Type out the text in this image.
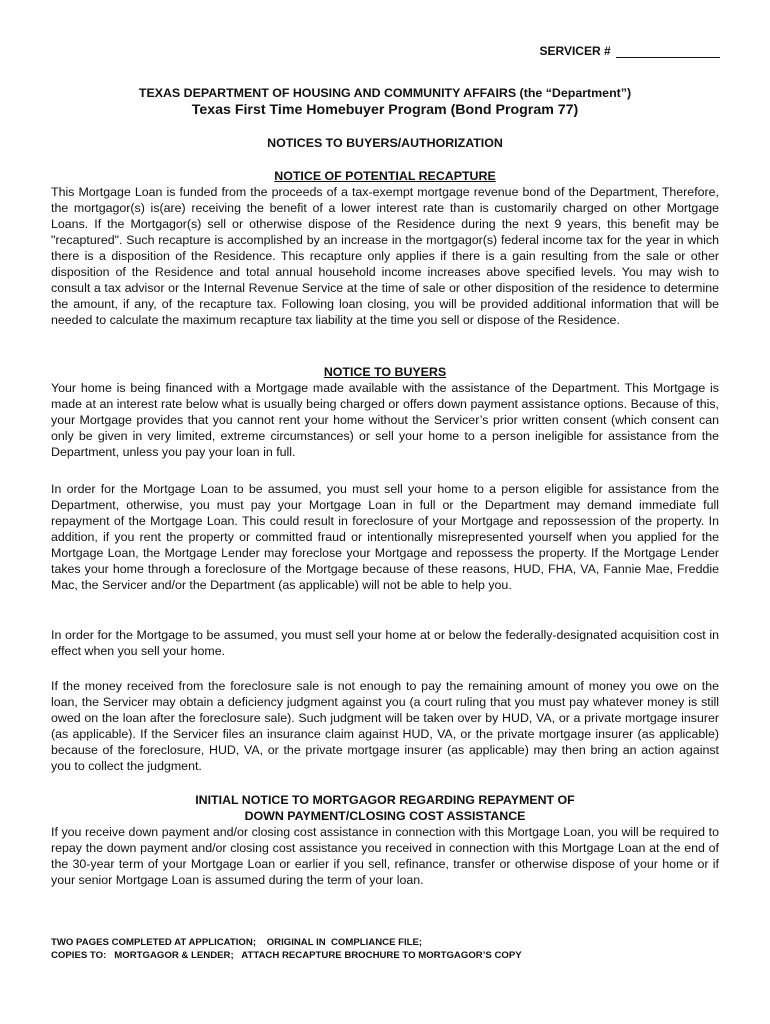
SERVICER #
TEXAS DEPARTMENT OF HOUSING AND COMMUNITY AFFAIRS (the “Department”)
Texas First Time Homebuyer Program (Bond Program 77)
NOTICES TO BUYERS/AUTHORIZATION
NOTICE OF POTENTIAL RECAPTURE

This Mortgage Loan is funded from the proceeds of a tax-exempt mortgage revenue bond of the Department, Therefore, the mortgagor(s) is(are) receiving the benefit of a lower interest rate than is customarily charged on other Mortgage Loans. If the Mortgagor(s) sell or otherwise dispose of the Residence during the next 9 years, this benefit may be "recaptured". Such recapture is accomplished by an increase in the mortgagor(s) federal income tax for the year in which there is a disposition of the Residence. This recapture only applies if there is a gain resulting from the sale or other disposition of the Residence and total annual household income increases above specified levels. You may wish to consult a tax advisor or the Internal Revenue Service at the time of sale or other disposition of the residence to determine the amount, if any, of the recapture tax. Following loan closing, you will be provided additional information that will be needed to calculate the maximum recapture tax liability at the time you sell or dispose of the Residence.

NOTICE TO BUYERS

Your home is being financed with a Mortgage made available with the assistance of the Department. This Mortgage is made at an interest rate below what is usually being charged or offers down payment assistance options. Because of this, your Mortgage provides that you cannot rent your home without the Servicer’s prior written consent (which consent can only be given in very limited, extreme circumstances) or sell your home to a person ineligible for assistance from the Department, unless you pay your loan in full.

In order for the Mortgage Loan to be assumed, you must sell your home to a person eligible for assistance from the Department, otherwise, you must pay your Mortgage Loan in full or the Department may demand immediate full repayment of the Mortgage Loan. This could result in foreclosure of your Mortgage and repossession of the property. In addition, if you rent the property or committed fraud or intentionally misrepresented yourself when you applied for the Mortgage Loan, the Mortgage Lender may foreclose your Mortgage and repossess the property. If the Mortgage Lender takes your home through a foreclosure of the Mortgage because of these reasons, HUD, FHA, VA, Fannie Mae, Freddie Mac, the Servicer and/or the Department (as applicable) will not be able to help you.

In order for the Mortgage to be assumed, you must sell your home at or below the federally-designated acquisition cost in effect when you sell your home.

If the money received from the foreclosure sale is not enough to pay the remaining amount of money you owe on the loan, the Servicer may obtain a deficiency judgment against you (a court ruling that you must pay whatever money is still owed on the loan after the foreclosure sale). Such judgment will be taken over by HUD, VA, or a private mortgage insurer (as applicable). If the Servicer files an insurance claim against HUD, VA, or the private mortgage insurer (as applicable) because of the foreclosure, HUD, VA, or the private mortgage insurer (as applicable) may then bring an action against you to collect the judgment.

INITIAL NOTICE TO MORTGAGOR REGARDING REPAYMENT OF
DOWN PAYMENT/CLOSING COST ASSISTANCE

If you receive down payment and/or closing cost assistance in connection with this Mortgage Loan, you will be required to repay the down payment and/or closing cost assistance you received in connection with this Mortgage Loan at the end of the 30-year term of your Mortgage Loan or earlier if you sell, refinance, transfer or otherwise dispose of your home or if your senior Mortgage Loan is assumed during the term of your loan.

TWO PAGES COMPLETED AT APPLICATION;    ORIGINAL IN  COMPLIANCE FILE;
COPIES TO:   MORTGAGOR & LENDER;   ATTACH RECAPTURE BROCHURE TO MORTGAGOR’S COPY
